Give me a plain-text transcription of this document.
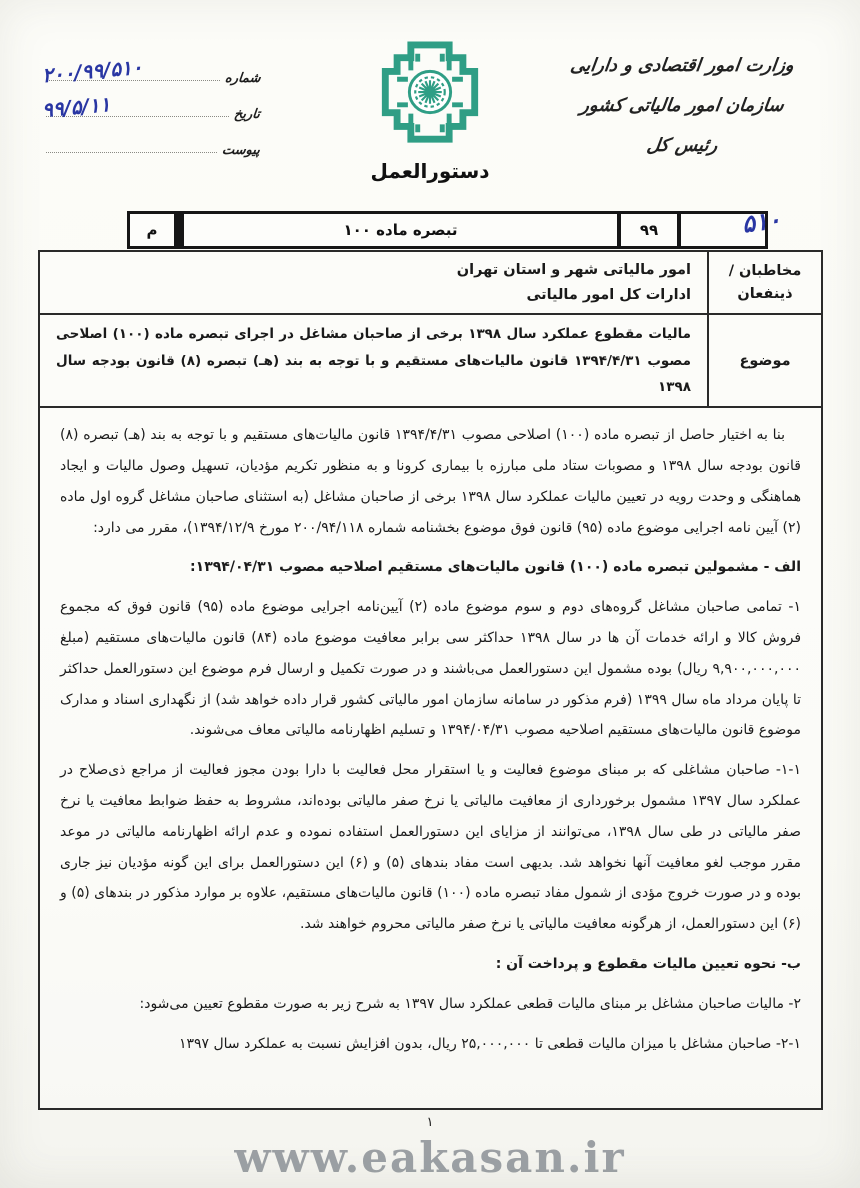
شماره
۲۰۰/۹۹/۵۱۰
تاریخ
۹۹/۵/۱۱
پیوست
دستورالعمل
وزارت امور اقتصادی و دارایی
سازمان امور مالیاتی کشور
رئیس کل
۵۱۰
۹۹
تبصره ماده ۱۰۰
م
مخاطبان /
ذینفعان
امور مالیاتی شهر و استان تهران
ادارات کل امور مالیاتی
موضوع
مالیات مقطوع عملکرد سال ۱۳۹۸ برخی از صاحبان مشاغل در اجرای تبصره ماده (۱۰۰) اصلاحی مصوب ۱۳۹۴/۴/۳۱ قانون مالیات‌های مستقیم و با توجه به بند (هـ) تبصره (۸) قانون بودجه سال ۱۳۹۸

بنا به اختیار حاصل از تبصره ماده (۱۰۰) اصلاحی مصوب ۱۳۹۴/۴/۳۱ قانون مالیات‌های مستقیم و با توجه به بند (هـ) تبصره (۸) قانون بودجه سال ۱۳۹۸ و مصوبات ستاد ملی مبارزه با بیماری کرونا و به منظور تکریم مؤدیان، تسهیل وصول مالیات و ایجاد هماهنگی و وحدت رویه در تعیین مالیات عملکرد سال ۱۳۹۸ برخی از صاحبان مشاغل (به استثنای صاحبان مشاغل گروه اول ماده (۲) آیین نامه اجرایی موضوع ماده (۹۵) قانون فوق موضوع بخشنامه شماره ۲۰۰/۹۴/۱۱۸ مورخ ۱۳۹۴/۱۲/۹)، مقرر می دارد:

الف - مشمولین تبصره ماده (۱۰۰) قانون مالیات‌های مستقیم اصلاحیه مصوب ۱۳۹۴/۰۴/۳۱:

۱- تمامی صاحبان مشاغل گروه‌های دوم و سوم موضوع ماده (۲) آیین‌نامه اجرایی موضوع ماده (۹۵) قانون فوق که مجموع فروش کالا و ارائه خدمات آن ها در سال ۱۳۹۸ حداکثر سی برابر معافیت موضوع ماده (۸۴) قانون مالیات‌های مستقیم (مبلغ ۹,۹۰۰,۰۰۰,۰۰۰ ریال) بوده مشمول این دستورالعمل می‌باشند و در صورت تکمیل و ارسال فرم موضوع این دستورالعمل حداکثر تا پایان مرداد ماه سال ۱۳۹۹ (فرم مذکور در سامانه سازمان امور مالیاتی کشور قرار داده خواهد شد) از نگهداری اسناد و مدارک موضوع قانون مالیات‌های مستقیم اصلاحیه مصوب ۱۳۹۴/۰۴/۳۱ و تسلیم اظهارنامه مالیاتی معاف می‌شوند.

۱-۱- صاحبان مشاغلی که بر مبنای موضوع فعالیت و یا استقرار محل فعالیت با دارا بودن مجوز فعالیت از مراجع ذی‌صلاح در عملکرد سال ۱۳۹۷ مشمول برخورداری از معافیت مالیاتی یا نرخ صفر مالیاتی بوده‌اند، مشروط به حفظ ضوابط معافیت یا نرخ صفر مالیاتی در طی سال ۱۳۹۸، می‌توانند از مزایای این دستورالعمل استفاده نموده و عدم ارائه اظهارنامه مالیاتی در موعد مقرر موجب لغو معافیت آنها نخواهد شد. بدیهی است مفاد بندهای (۵) و (۶) این دستورالعمل برای این گونه مؤدیان نیز جاری بوده و در صورت خروج مؤدی از شمول مفاد تبصره ماده (۱۰۰) قانون مالیات‌های مستقیم، علاوه بر موارد مذکور در بندهای (۵) و (۶) این دستورالعمل، از هرگونه معافیت مالیاتی یا نرخ صفر مالیاتی محروم خواهند شد.

ب- نحوه تعیین مالیات مقطوع و پرداخت آن :

۲- مالیات صاحبان مشاغل بر مبنای مالیات قطعی عملکرد سال ۱۳۹۷ به شرح زیر به صورت مقطوع تعیین می‌شود:

۲-۱- صاحبان مشاغل با میزان مالیات قطعی تا ۲۵,۰۰۰,۰۰۰ ریال، بدون افزایش نسبت به عملکرد سال ۱۳۹۷

۱
www.eakasan.ir
